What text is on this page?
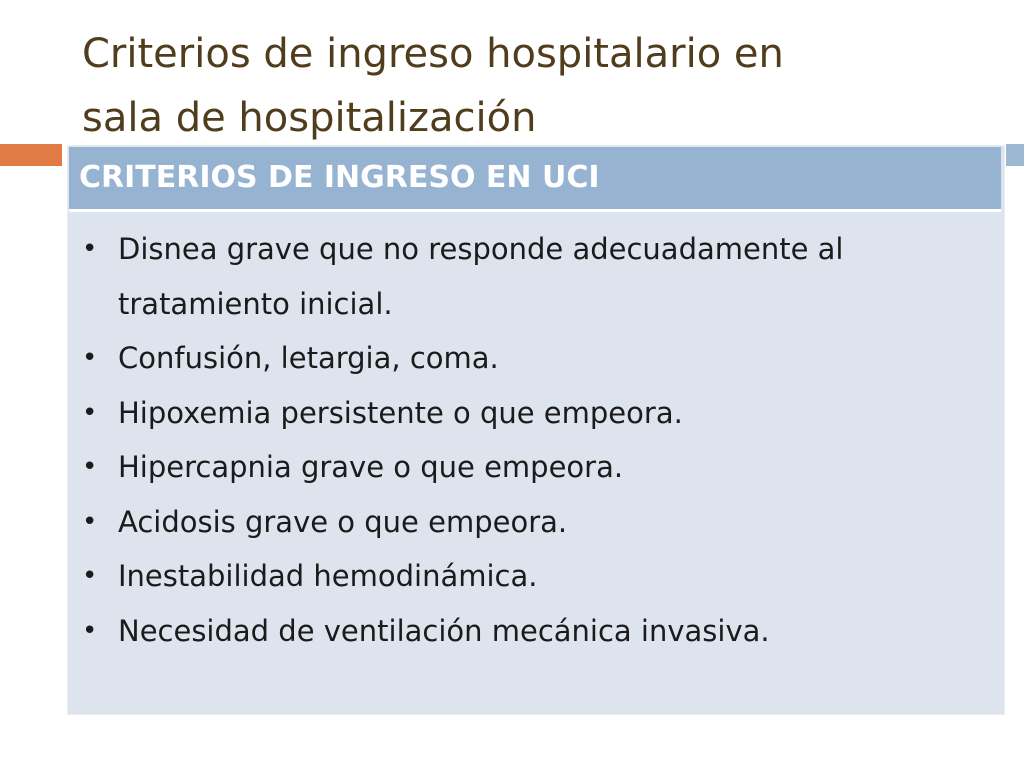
Criterios de ingreso hospitalario en
sala de hospitalización
CRITERIOS DE INGRESO EN UCI
• Disnea grave que no responde adecuadamente al tratamiento inicial.
• Confusión, letargia, coma.
• Hipoxemia persistente o que empeora.
• Hipercapnia grave o que empeora.
• Acidosis grave o que empeora.
• Inestabilidad hemodinámica.
• Necesidad de ventilación mecánica invasiva.
